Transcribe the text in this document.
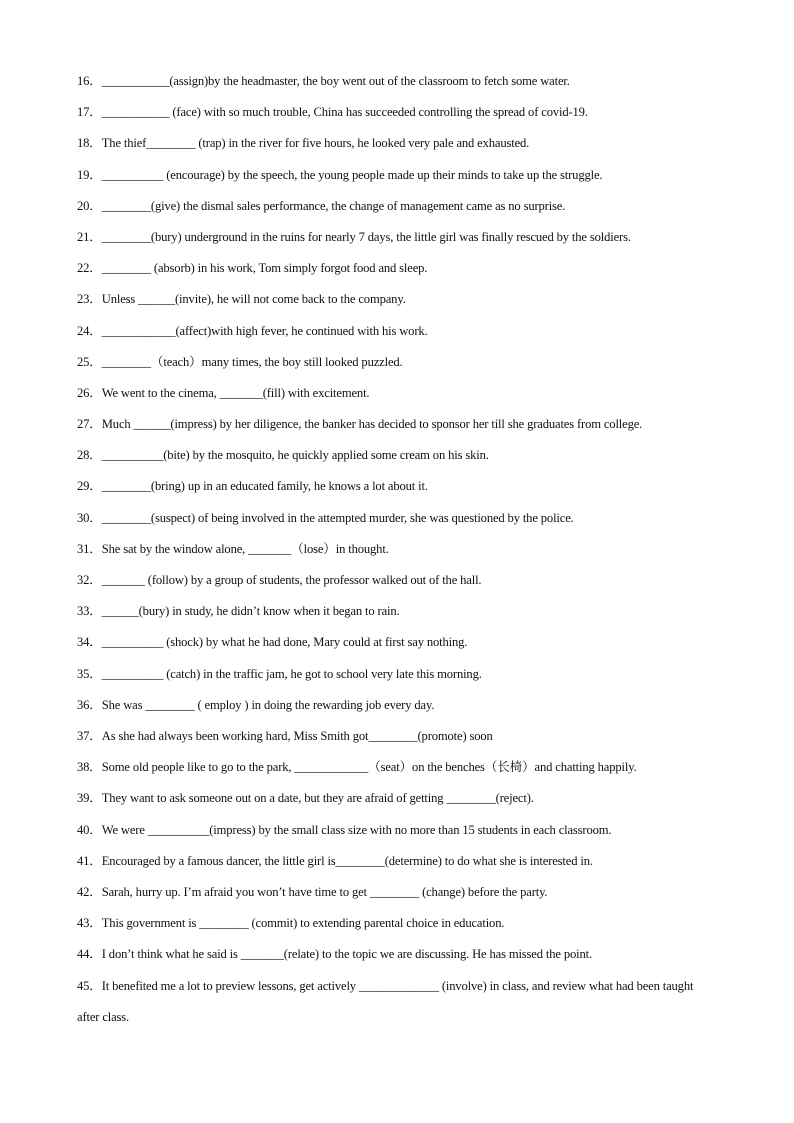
16．___________(assign)by the headmaster, the boy went out of the classroom to fetch some water.
17．___________ (face) with so much trouble, China has succeeded controlling the spread of covid-19.
18．The thief________ (trap) in the river for five hours, he looked very pale and exhausted.
19．__________ (encourage) by the speech, the young people made up their minds to take up the struggle.
20．________(give) the dismal sales performance, the change of management came as no surprise.
21．________(bury) underground in the ruins for nearly 7 days, the little girl was finally rescued by the soldiers.
22．________ (absorb) in his work, Tom simply forgot food and sleep.
23．Unless ______(invite), he will not come back to the company.
24．____________(affect)with high fever, he continued with his work.
25．________（teach）many times, the boy still looked puzzled.
26．We went to the cinema, _______(fill) with excitement.
27．Much ______(impress) by her diligence, the banker has decided to sponsor her till she graduates from college.
28．__________(bite) by the mosquito, he quickly applied some cream on his skin.
29．________(bring) up in an educated family, he knows a lot about it.
30．________(suspect) of being involved in the attempted murder, she was questioned by the police.
31．She sat by the window alone, _______（lose）in thought.
32．_______ (follow) by a group of students, the professor walked out of the hall.
33．______(bury) in study, he didn’t know when it began to rain.
34．__________ (shock) by what he had done, Mary could at first say nothing.
35．__________ (catch) in the traffic jam, he got to school very late this morning.
36．She was ________ ( employ ) in doing the rewarding job every day.
37．As she had always been working hard, Miss Smith got________(promote) soon
38．Some old people like to go to the park, ____________（seat）on the benches（长椅）and chatting happily.
39．They want to ask someone out on a date, but they are afraid of getting ________(reject).
40．We were __________(impress) by the small class size with no more than 15 students in each classroom.
41．Encouraged by a famous dancer, the little girl is________(determine) to do what she is interested in.
42．Sarah, hurry up. I’m afraid you won’t have time to get ________ (change) before the party.
43．This government is ________ (commit) to extending parental choice in education.
44．I don’t think what he said is _______(relate) to the topic we are discussing. He has missed the point.
45．It benefited me a lot to preview lessons, get actively _____________ (involve) in class, and review what had been taught after class.
